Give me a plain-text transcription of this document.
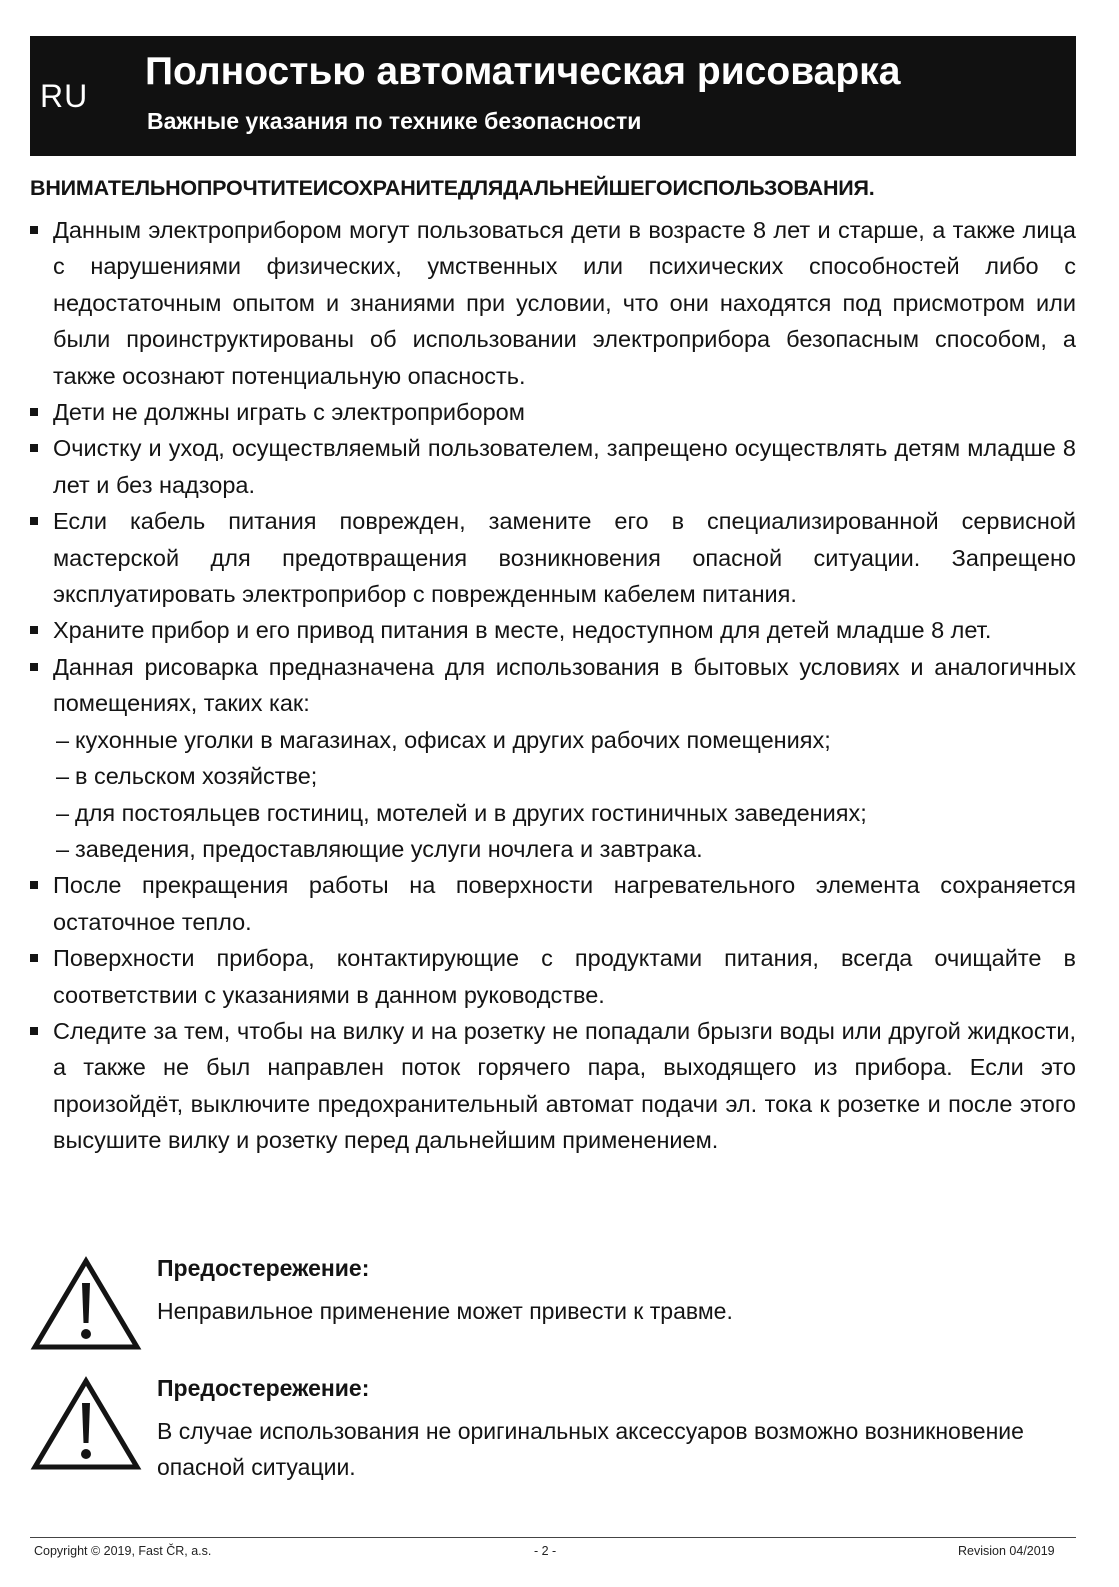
RU
Полностью автоматическая рисоварка
Важные указания по технике безопасности
ВНИМАТЕЛЬНОПРОЧТИТЕИСОХРАНИТЕДЛЯДАЛЬНЕЙШЕГОИСПОЛЬЗОВАНИЯ.
Данным электроприбором могут пользоваться дети в возрасте 8 лет и старше, а также лица с нарушениями физических, умственных или психических способностей либо с недостаточным опытом и знаниями при условии, что они находятся под присмотром или были проинструктированы об использовании электроприбора безопасным способом, а также осознают потенциальную опасность.
Дети не должны играть с электроприбором
Очистку и уход, осуществляемый пользователем, запрещено осуществлять детям младше 8 лет и без надзора.
Если кабель питания поврежден, замените его в специализированной сервисной мастерской для предотвращения возникновения опасной ситуации. Запрещено эксплуатировать электроприбор с поврежденным кабелем питания.
Храните прибор и его привод питания в месте, недоступном для детей младше 8 лет.
Данная рисоварка предназначена для использования в бытовых условиях и аналогичных помещениях, таких как:
– кухонные уголки в магазинах, офисах и других рабочих помещениях;
– в сельском хозяйстве;
– для постояльцев гостиниц, мотелей и в других гостиничных заведениях;
– заведения, предоставляющие услуги ночлега и завтрака.
После прекращения работы на поверхности нагревательного элемента сохраняется остаточное тепло.
Поверхности прибора, контактирующие с продуктами питания, всегда очищайте в соответствии с указаниями в данном руководстве.
Следите за тем, чтобы на вилку и на розетку не попадали брызги воды или другой жидкости, а также не был направлен поток горячего пара, выходящего из прибора. Если это произойдёт, выключите предохранительный автомат подачи эл. тока к розетке и после этого высушите вилку и розетку перед дальнейшим применением.
Предостережение:
Неправильное применение может привести к травме.
Предостережение:
В случае использования не оригинальных аксессуаров возможно возникновение опасной ситуации.
Copyright © 2019, Fast ČR, a.s.	- 2 -	Revision 04/2019
